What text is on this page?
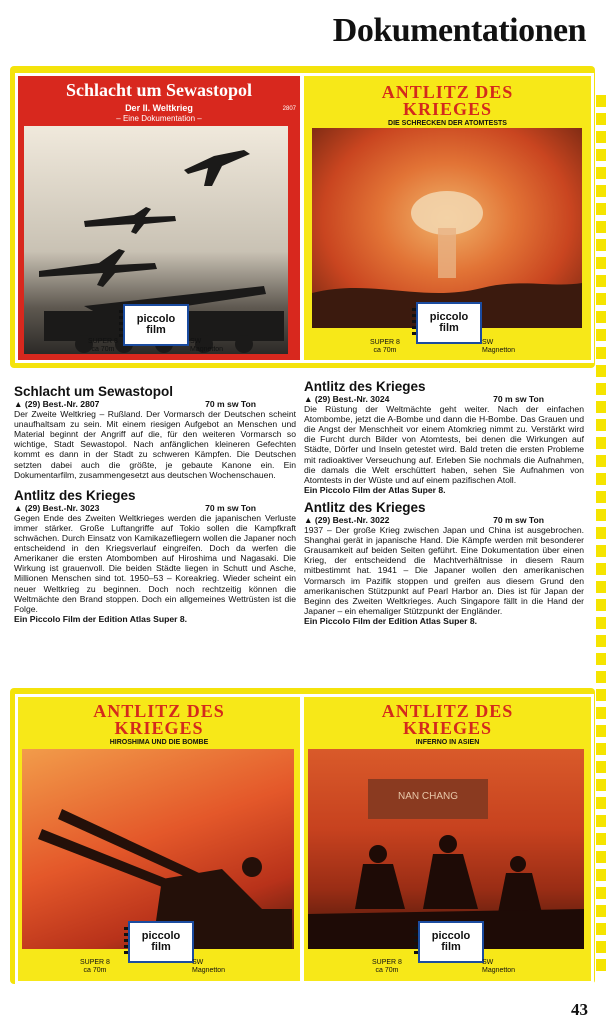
Dokumentationen
Schlacht um Sewastopol
Der II. Weltkrieg
– Eine Dokumentation –
2807
piccolo
film
SUPER 8
ca 70m
SW
Magnetton
ANTLITZ DES
KRIEGES
DIE SCHRECKEN DER ATOMTESTS
piccolo
film
SUPER 8
ca 70m
SW
Magnetton

Schlacht um Sewastopol

▲ (29) Best.-Nr. 2807	70 m sw Ton

Der Zweite Weltkrieg – Rußland. Der Vormarsch der Deutschen scheint unaufhaltsam zu sein. Mit einem riesigen Aufgebot an Menschen und Material beginnt der Angriff auf die, für den weiteren Vormarsch so wichtige, Stadt Sewastopol. Nach anfänglichen kleineren Gefechten kommt es dann in der Stadt zu schweren Kämpfen. Die Deutschen setzten dabei auch die größte, je gebaute Kanone ein. Ein Dokumentarfilm, zusammengesetzt aus deutschen Wochenschauen.

Antlitz des Krieges

▲ (29) Best.-Nr. 3023	70 m sw Ton

Gegen Ende des Zweiten Weltkrieges werden die japanischen Verluste immer stärker. Große Luftangriffe auf Tokio sollen die Kampfkraft schwächen. Durch Einsatz von Kamikazefliegern wollen die Japaner noch entscheidend in den Kriegsverlauf eingreifen. Doch da werfen die Amerikaner die ersten Atombomben auf Hiroshima und Nagasaki. Die Wirkung ist grauenvoll. Die beiden Städte liegen in Schutt und Asche, Millionen Menschen sind tot. 1950–53 – Koreakrieg. Wieder scheint ein neuer Weltkrieg zu beginnen. Doch noch rechtzeitig können die Weltmächte den Brand stoppen. Doch ein allgemeines Wettrüsten ist die Folge.

Ein Piccolo Film der Edition Atlas Super 8.

Antlitz des Krieges

▲ (29) Best.-Nr. 3024	70 m sw Ton

Die Rüstung der Weltmächte geht weiter. Nach der einfachen Atombombe, jetzt die A-Bombe und dann die H-Bombe. Das Grauen und die Angst der Menschheit vor einem Atomkrieg nimmt zu. Verstärkt wird die Furcht durch Bilder von Atomtests, bei denen die Wirkungen auf Städte, Dörfer und Inseln getestet wird. Bald treten die ersten Probleme mit radioaktiver Verseuchung auf. Erleben Sie nochmals die Aufnahmen, die damals die Welt erschüttert haben, sehen Sie Aufnahmen von Atomtests in der Wüste und auf einem pazifischen Atoll.

Ein Piccolo Film der Atlas Super 8.

Antlitz des Krieges

▲ (29) Best.-Nr. 3022	70 m sw Ton

1937 – Der große Krieg zwischen Japan und China ist ausgebrochen. Shanghai gerät in japanische Hand. Die Kämpfe werden mit besonderer Grausamkeit auf beiden Seiten geführt. Eine Dokumentation über einen Krieg, der entscheidend die Machtverhältnisse in diesem Raum mitbestimmt hat. 1941 – Die Japaner wollen den amerikanischen Vormarsch im Pazifik stoppen und greifen aus diesem Grund den amerikanischen Stützpunkt auf Pearl Harbor an. Dies ist für Japan der Beginn des Zweiten Weltkrieges. Auch Singapore fällt in die Hand der Japaner – ein ehemaliger Stützpunkt der Engländer.

Ein Piccolo Film der Edition Atlas Super 8.

ANTLITZ DES
KRIEGES
HIROSHIMA UND DIE BOMBE
piccolo
film
SUPER 8
ca 70m
SW
Magnetton
ANTLITZ DES
KRIEGES
INFERNO IN ASIEN
NAN CHANG
piccolo
film
SUPER 8
ca 70m
SW
Magnetton
43
